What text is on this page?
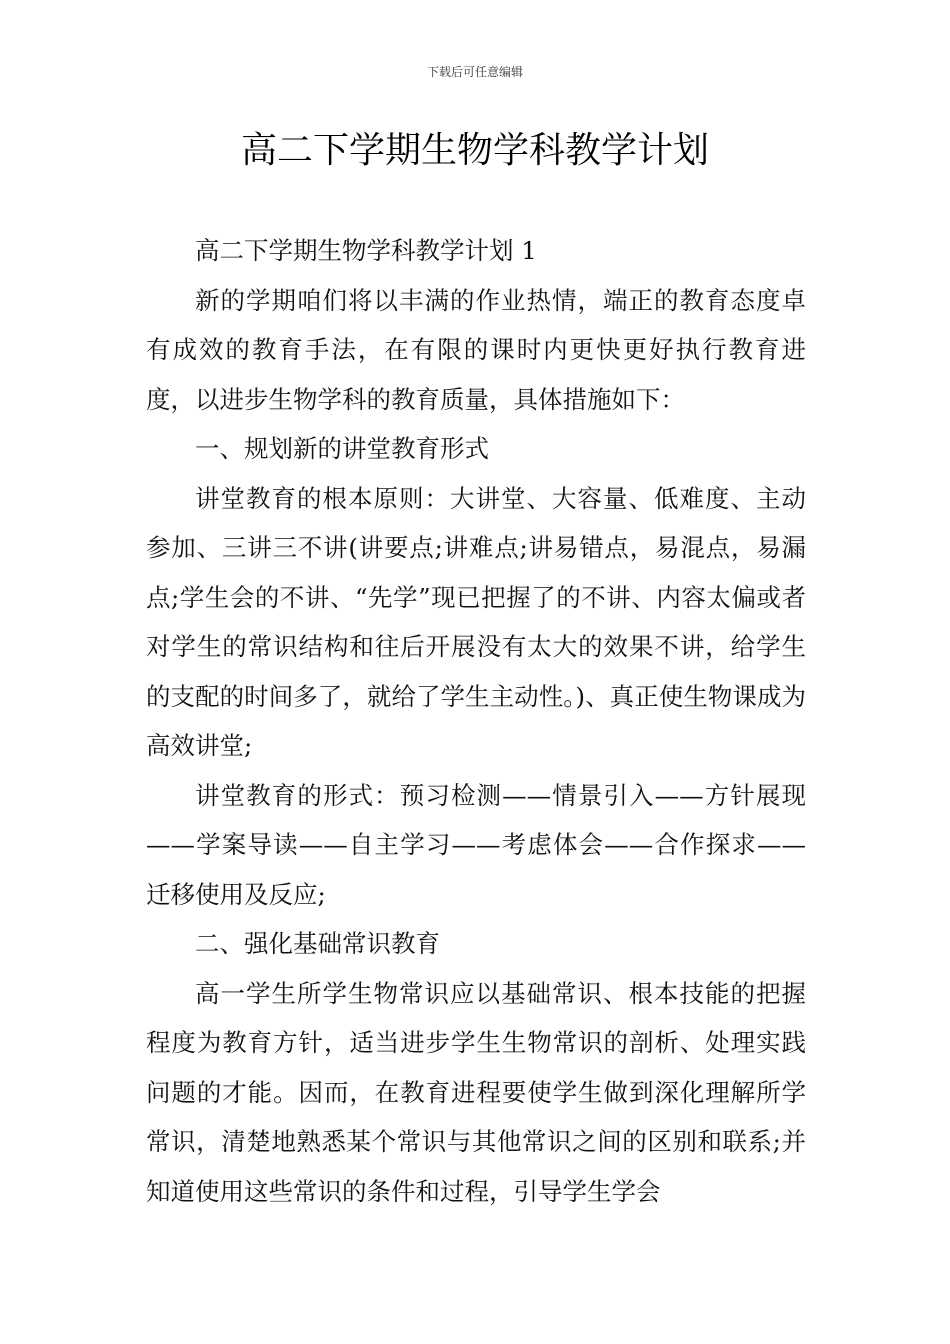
下载后可任意编辑
高二下学期生物学科教学计划

高二下学期生物学科教学计划 1

新的学期咱们将以丰满的作业热情，端正的教育态度卓有成效的教育手法，在有限的课时内更快更好执行教育进度，以进步生物学科的教育质量，具体措施如下：

一、规划新的讲堂教育形式

讲堂教育的根本原则：大讲堂、大容量、低难度、主动参加、三讲三不讲(讲要点;讲难点;讲易错点，易混点，易漏点;学生会的不讲、“先学”现已把握了的不讲、内容太偏或者对学生的常识结构和往后开展没有太大的效果不讲，给学生的支配的时间多了，就给了学生主动性。)、真正使生物课成为高效讲堂;

讲堂教育的形式：预习检测——情景引入——方针展现——学案导读——自主学习——考虑体会——合作探求——迁移使用及反应;

二、强化基础常识教育

高一学生所学生物常识应以基础常识、根本技能的把握程度为教育方针，适当进步学生生物常识的剖析、处理实践问题的才能。因而，在教育进程要使学生做到深化理解所学常识，清楚地熟悉某个常识与其他常识之间的区别和联系;并知道使用这些常识的条件和过程，引导学生学会
